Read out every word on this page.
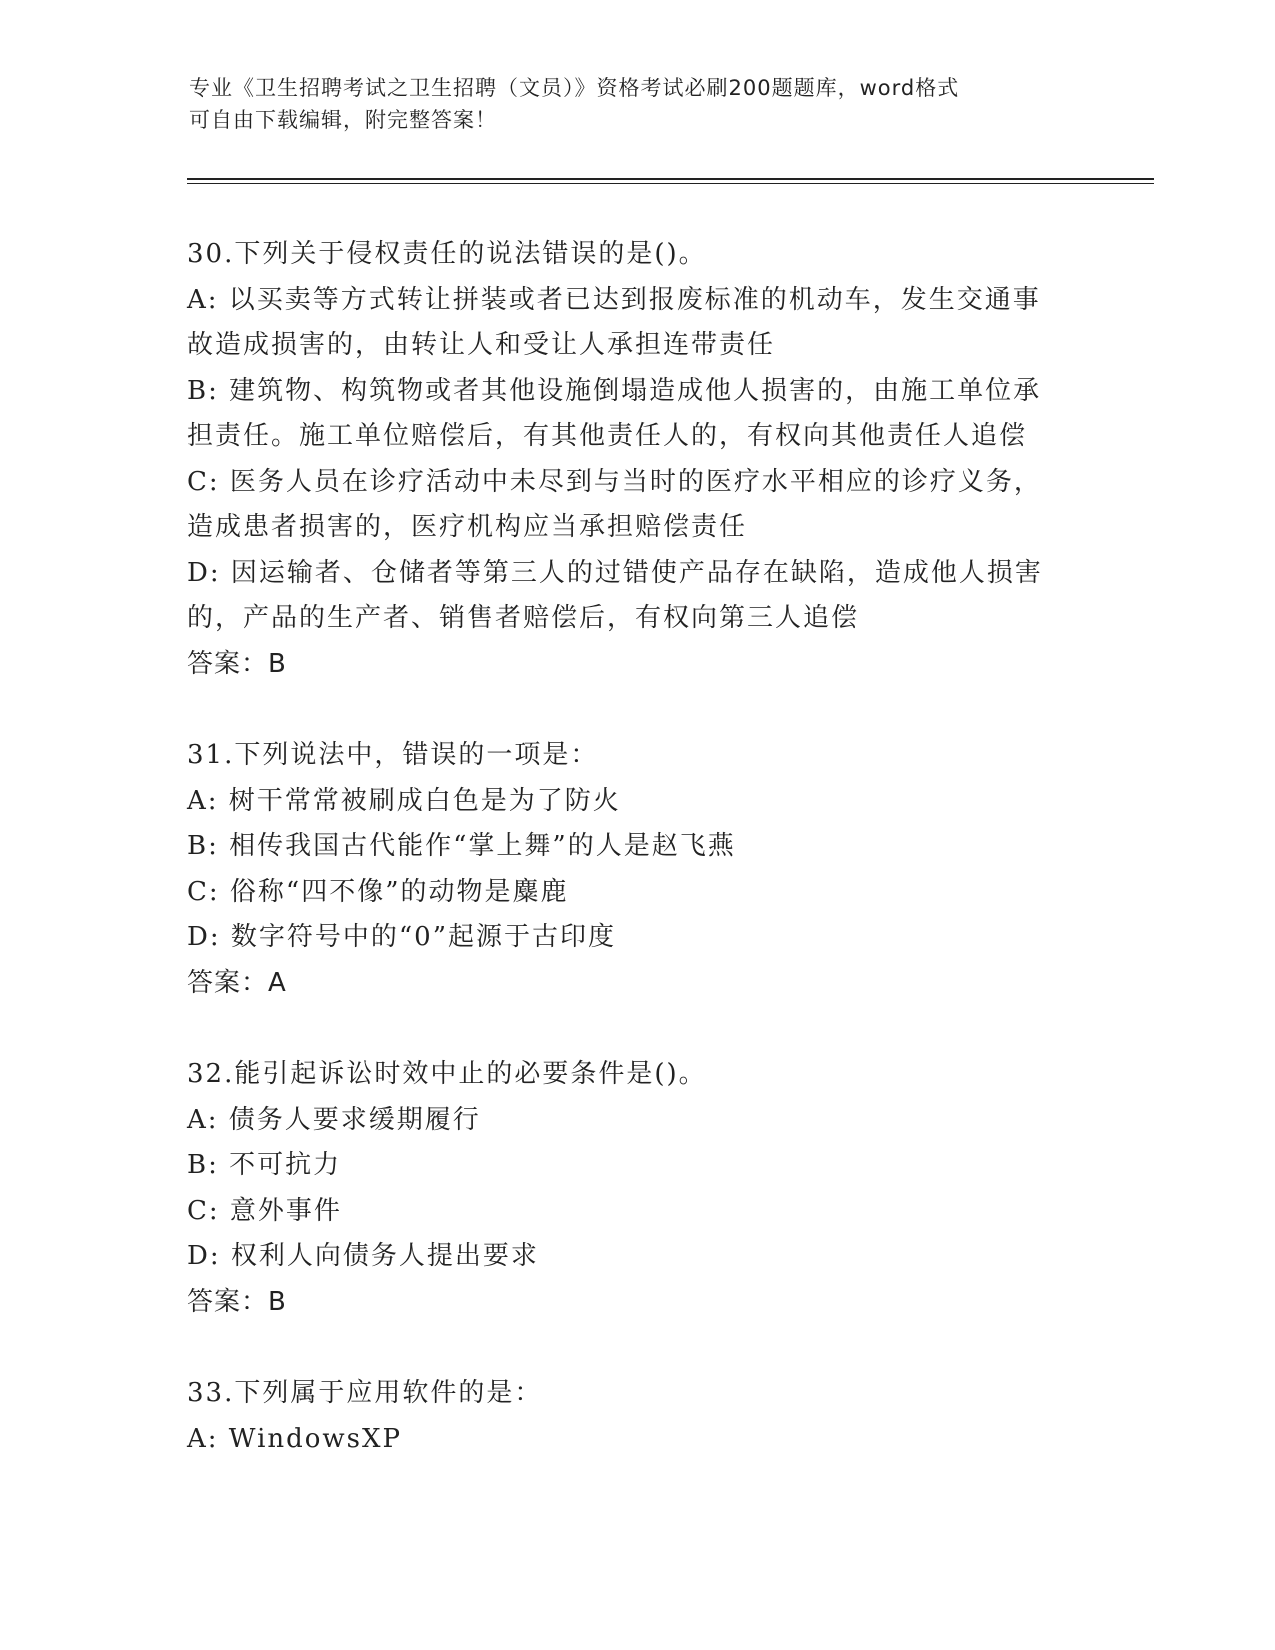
专业《卫生招聘考试之卫生招聘（文员）》资格考试必刷200题题库，word格式
可自由下载编辑，附完整答案！
30.下列关于侵权责任的说法错误的是()。
A: 以买卖等方式转让拼装或者已达到报废标准的机动车，发生交通事
故造成损害的，由转让人和受让人承担连带责任
B: 建筑物、构筑物或者其他设施倒塌造成他人损害的，由施工单位承
担责任。施工单位赔偿后，有其他责任人的，有权向其他责任人追偿
C: 医务人员在诊疗活动中未尽到与当时的医疗水平相应的诊疗义务，
造成患者损害的，医疗机构应当承担赔偿责任
D: 因运输者、仓储者等第三人的过错使产品存在缺陷，造成他人损害
的，产品的生产者、销售者赔偿后，有权向第三人追偿
答案：B
31.下列说法中，错误的一项是：
A: 树干常常被刷成白色是为了防火
B: 相传我国古代能作“掌上舞”的人是赵飞燕
C: 俗称“四不像”的动物是麋鹿
D: 数字符号中的“0”起源于古印度
答案：A
32.能引起诉讼时效中止的必要条件是()。
A: 债务人要求缓期履行
B: 不可抗力
C: 意外事件
D: 权利人向债务人提出要求
答案：B
33.下列属于应用软件的是：
A: WindowsXP
